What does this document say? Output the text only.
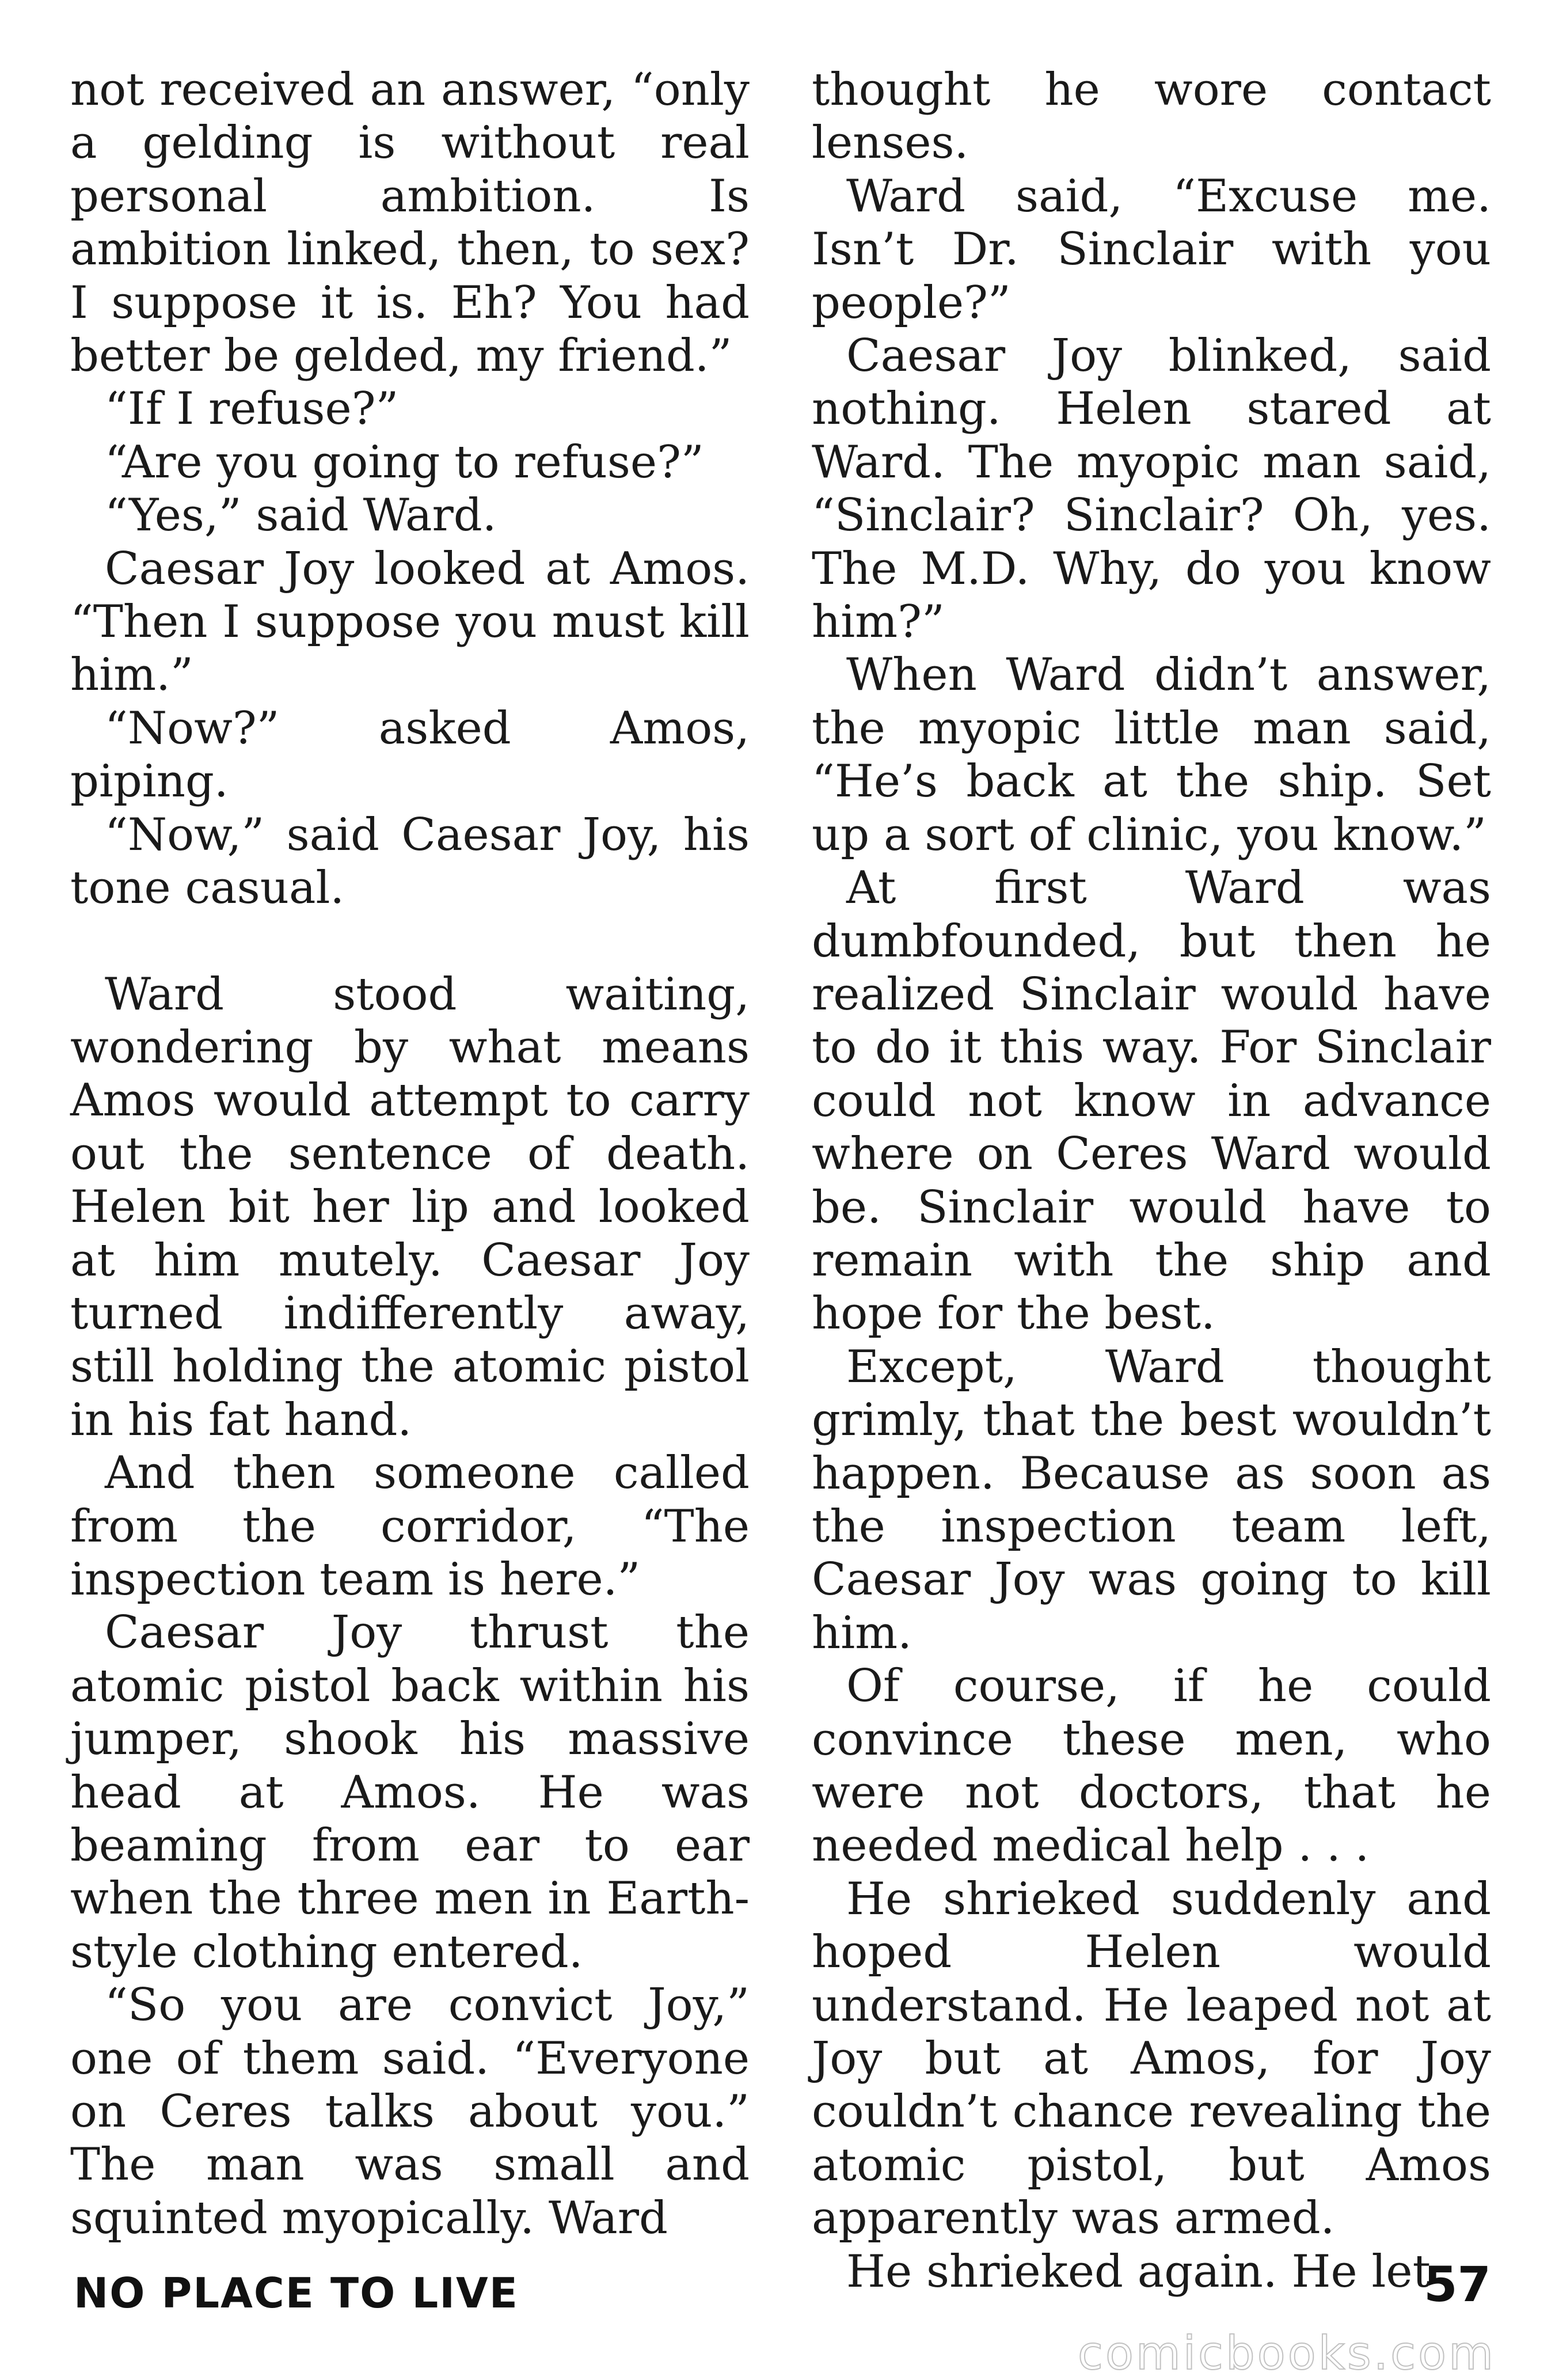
not received an answer, “only a gelding is without real personal ambition. Is ambition linked, then, to sex? I suppose it is. Eh? You had better be gelded, my friend.”

“If I refuse?”

“Are you going to refuse?”

“Yes,” said Ward.

Caesar Joy looked at Amos. “Then I suppose you must kill him.”

“Now?” asked Amos, piping.

“Now,” said Caesar Joy, his tone casual.

Ward stood waiting, wondering by what means Amos would attempt to carry out the sentence of death. Helen bit her lip and looked at him mutely. Caesar Joy turned indifferently away, still holding the atomic pistol in his fat hand.

And then someone called from the corridor, “The inspection team is here.”

Caesar Joy thrust the atomic pistol back within his jumper, shook his massive head at Amos. He was beaming from ear to ear when the three men in Earth-style clothing entered.

“So you are convict Joy,” one of them said. “Everyone on Ceres talks about you.” The man was small and squinted myopically. Ward

thought he wore contact lenses.

Ward said, “Excuse me. Isn’t Dr. Sinclair with you people?”

Caesar Joy blinked, said nothing. Helen stared at Ward. The myopic man said, “Sinclair? Sinclair? Oh, yes. The M.D. Why, do you know him?”

When Ward didn’t answer, the myopic little man said, “He’s back at the ship. Set up a sort of clinic, you know.”

At first Ward was dumbfounded, but then he realized Sinclair would have to do it this way. For Sinclair could not know in advance where on Ceres Ward would be. Sinclair would have to remain with the ship and hope for the best.

Except, Ward thought grimly, that the best wouldn’t happen. Because as soon as the inspection team left, Caesar Joy was going to kill him.

Of course, if he could convince these men, who were not doctors, that he needed medical help . . .

He shrieked suddenly and hoped Helen would understand. He leaped not at Joy but at Amos, for Joy couldn’t chance revealing the atomic pistol, but Amos apparently was armed.

He shrieked again. He let

NO PLACE TO LIVE	57
comicbooks.com
